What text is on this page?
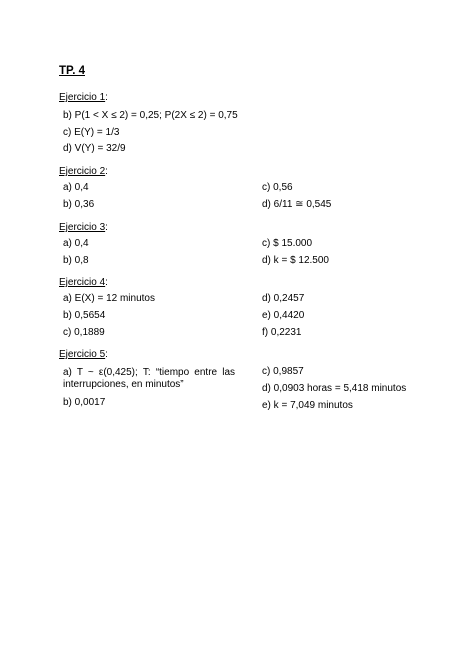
TP. 4
Ejercicio 1:
b) P(1 < X ≤ 2) = 0,25; P(2X ≤ 2) = 0,75
c) E(Y) = 1/3
d) V(Y) = 32/9
Ejercicio 2:
a) 0,4
b) 0,36
c) 0,56
d) 6/11 ≅ 0,545
Ejercicio 3:
a) 0,4
b) 0,8
c) $ 15.000
d) k = $ 12.500
Ejercicio 4:
a) E(X) = 12 minutos
b) 0,5654
c) 0,1889
d) 0,2457
e) 0,4420
f) 0,2231
Ejercicio 5:
a) T ~ ε(0,425); T: “tiempo entre las interrupciones, en minutos”
b) 0,0017
c) 0,9857
d) 0,0903 horas = 5,418 minutos
e) k = 7,049 minutos
